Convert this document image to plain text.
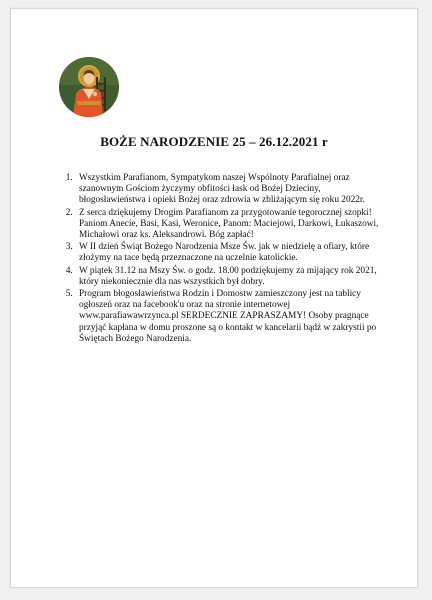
BOŻE NARODZENIE 25 – 26.12.2021 r
1. Wszystkim Parafianom, Sympatykom naszej Wspólnoty Parafialnej oraz szanownym Gościom życzymy obfitości łask od Bożej Dzieciny, błogosławieństwa i opieki Bożej oraz zdrowia w zbliżającym się roku 2022r.
2. Z serca dziękujemy Drogim Parafianom za przygotowanie tegorocznej szopki! Paniom Anecie, Basi, Kasi, Weronice, Panom: Maciejowi, Darkowi, Łukaszowi, Michałowi oraz ks. Aleksandrowi. Bóg zapłać!
3. W II dzień Świąt Bożego Narodzenia Msze Św. jak w niedzielę a ofiary, które złożymy na tace będą przeznaczone na uczelnie katolickie.
4. W piątek 31.12 na Mszy Św. o godz. 18.00 podziękujemy za mijający rok 2021, który niekoniecznie dla nas wszystkich był dobry.
5. Program błogosławieństwa Rodzin i Domostw zamieszczony jest na tablicy ogłoszeń oraz na facebook'u oraz na stronie internetowej www.parafiawawrzynca.pl SERDECZNIE ZAPRASZAMY! Osoby pragnące przyjąć kapłana w domu proszone są o kontakt w kancelarii bądź w zakrystii po Świętach Bożego Narodzenia.
